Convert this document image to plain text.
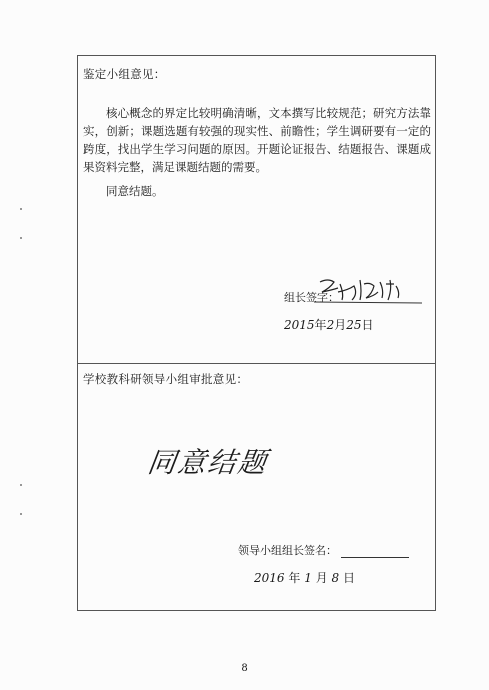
鉴定小组意见：

核心概念的界定比较明确清晰，文本撰写比较规范；研究方法靠实，创新；课题选题有较强的现实性、前瞻性；学生调研要有一定的跨度，找出学生学习问题的原因。开题论证报告、结题报告、课题成果资料完整，满足课题结题的需要。

同意结题。

组长签字：
2015年2月25日
学校教科研领导小组审批意见：
同意结题
领导小组组长签名：
2016 年 1 月 8 日
8
